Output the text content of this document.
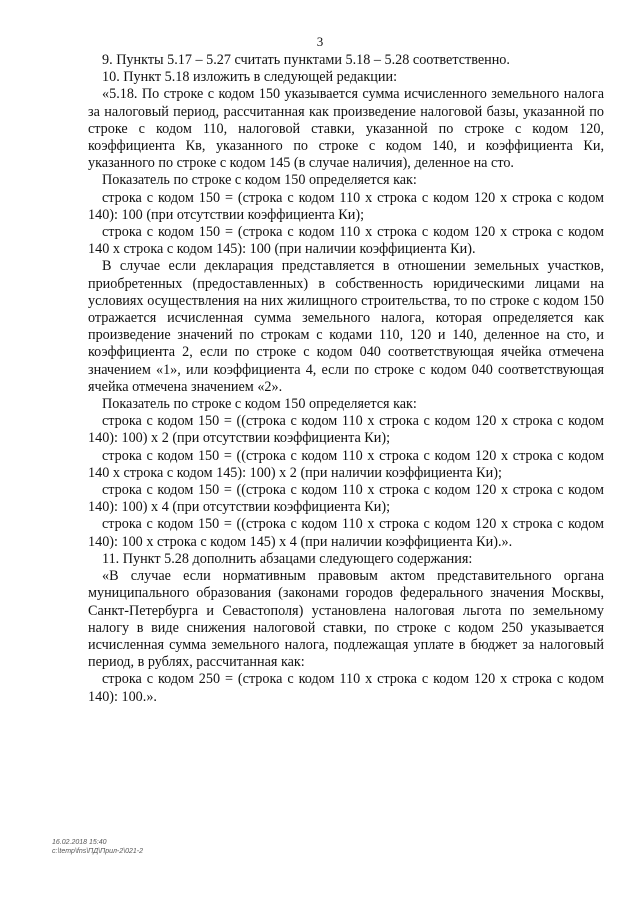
3

9. Пункты 5.17 – 5.27 считать пунктами 5.18 – 5.28 соответственно.

10. Пункт 5.18 изложить в следующей редакции:

«5.18. По строке с кодом 150 указывается сумма исчисленного земельного налога за налоговый период, рассчитанная как произведение налоговой базы, указанной по строке с кодом 110, налоговой ставки, указанной по строке с кодом 120, коэффициента Кв, указанного по строке с кодом 140, и коэффициента Ки, указанного по строке с кодом 145 (в случае наличия), деленное на сто.

Показатель по строке с кодом 150 определяется как:

строка с кодом 150 = (строка с кодом 110 х строка с кодом 120 х строка с кодом 140): 100 (при отсутствии коэффициента Ки);

строка с кодом 150 = (строка с кодом 110 х строка с кодом 120 х строка с кодом 140 х строка с кодом 145): 100 (при наличии коэффициента Ки).

В случае если декларация представляется в отношении земельных участков, приобретенных (предоставленных) в собственность юридическими лицами на условиях осуществления на них жилищного строительства, то по строке с кодом 150 отражается исчисленная сумма земельного налога, которая определяется как произведение значений по строкам с кодами 110, 120 и 140, деленное на сто, и коэффициента 2, если по строке с кодом 040 соответствующая ячейка отмечена значением «1», или коэффициента 4, если по строке с кодом 040 соответствующая ячейка отмечена значением «2».

Показатель по строке с кодом 150 определяется как:

строка с кодом 150 = ((строка с кодом 110 х строка с кодом 120 х строка с кодом 140): 100) х 2 (при отсутствии коэффициента Ки);

строка с кодом 150 = ((строка с кодом 110 х строка с кодом 120 х строка с кодом 140 х строка с кодом 145): 100) х 2 (при наличии коэффициента Ки);

строка с кодом 150 = ((строка с кодом 110 х строка с кодом 120 х строка с кодом 140): 100) х 4 (при отсутствии коэффициента Ки);

строка с кодом 150 = ((строка с кодом 110 х строка с кодом 120 х строка с кодом 140): 100 х строка с кодом 145) х 4 (при наличии коэффициента Ки).».

11. Пункт 5.28 дополнить абзацами следующего содержания:

«В случае если нормативным правовым актом представительного органа муниципального образования (законами городов федерального значения Москвы, Санкт-Петербурга и Севастополя) установлена налоговая льгота по земельному налогу в виде снижения налоговой ставки, по строке с кодом 250 указывается исчисленная сумма земельного налога, подлежащая уплате в бюджет за налоговый период, в рублях, рассчитанная как:

строка с кодом 250 = (строка с кодом 110 х строка с кодом 120 х строка с кодом 140): 100.».

16.02.2018 15:40
c:\temp\fns\ПД\Прил-2\021-2
